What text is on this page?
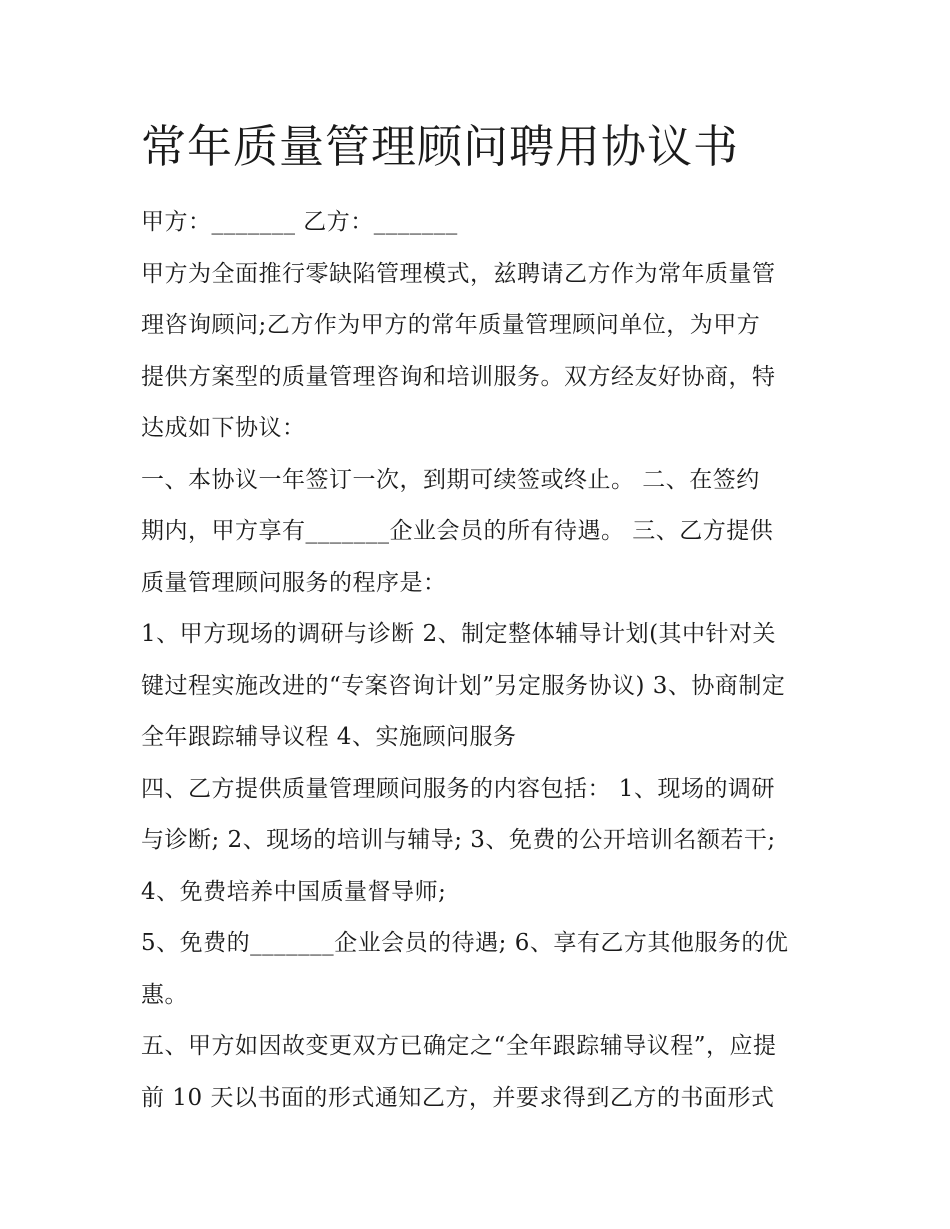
常年质量管理顾问聘用协议书
甲方：_______ 乙方：_______
甲方为全面推行零缺陷管理模式，兹聘请乙方作为常年质量管
理咨询顾问;乙方作为甲方的常年质量管理顾问单位，为甲方
提供方案型的质量管理咨询和培训服务。双方经友好协商，特
达成如下协议：
一、本协议一年签订一次，到期可续签或终止。 二、在签约
期内，甲方享有_______企业会员的所有待遇。 三、乙方提供
质量管理顾问服务的程序是：
1、甲方现场的调研与诊断 2、制定整体辅导计划(其中针对关
键过程实施改进的“专案咨询计划”另定服务协议) 3、协商制定
全年跟踪辅导议程 4、实施顾问服务
四、乙方提供质量管理顾问服务的内容包括： 1、现场的调研
与诊断; 2、现场的培训与辅导; 3、免费的公开培训名额若干;
4、免费培养中国质量督导师;
5、免费的_______企业会员的待遇; 6、享有乙方其他服务的优
惠。
五、甲方如因故变更双方已确定之“全年跟踪辅导议程”，应提
前 10 天以书面的形式通知乙方，并要求得到乙方的书面形式
